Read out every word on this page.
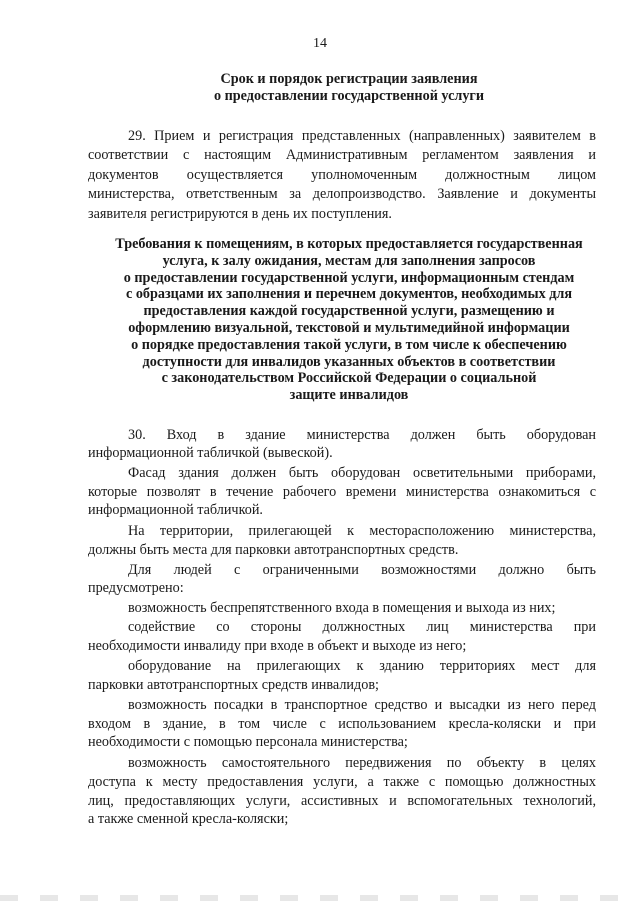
14
Срок и порядок регистрации заявления
о предоставлении государственной услуги
29. Прием и регистрация представленных (направленных) заявителем в
соответствии с настоящим Административным регламентом заявления и
документов осуществляется уполномоченным должностным лицом
министерства, ответственным за делопроизводство. Заявление и документы
заявителя регистрируются в день их поступления.
Требования к помещениям, в которых предоставляется государственная
услуга, к залу ожидания, местам для заполнения запросов
о предоставлении государственной услуги, информационным стендам
с образцами их заполнения и перечнем документов, необходимых для
предоставления каждой государственной услуги, размещению и
оформлению визуальной, текстовой и мультимедийной информации
о порядке предоставления такой услуги, в том числе к обеспечению
доступности для инвалидов указанных объектов в соответствии
с законодательством Российской Федерации о социальной
защите инвалидов
30. Вход в здание министерства должен быть оборудован
информационной табличкой (вывеской).
Фасад здания должен быть оборудован осветительными приборами,
которые позволят в течение рабочего времени министерства ознакомиться с
информационной табличкой.
На территории, прилегающей к месторасположению министерства,
должны быть места для парковки автотранспортных средств.
Для людей с ограниченными возможностями должно быть
предусмотрено:
возможность беспрепятственного входа в помещения и выхода из них;
содействие со стороны должностных лиц министерства при
необходимости инвалиду при входе в объект и выходе из него;
оборудование на прилегающих к зданию территориях мест для
парковки автотранспортных средств инвалидов;
возможность посадки в транспортное средство и высадки из него перед
входом в здание, в том числе с использованием кресла-коляски и при
необходимости с помощью персонала министерства;
возможность самостоятельного передвижения по объекту в целях
доступа к месту предоставления услуги, а также с помощью должностных
лиц, предоставляющих услуги, ассистивных и вспомогательных технологий,
а также сменной кресла-коляски;
